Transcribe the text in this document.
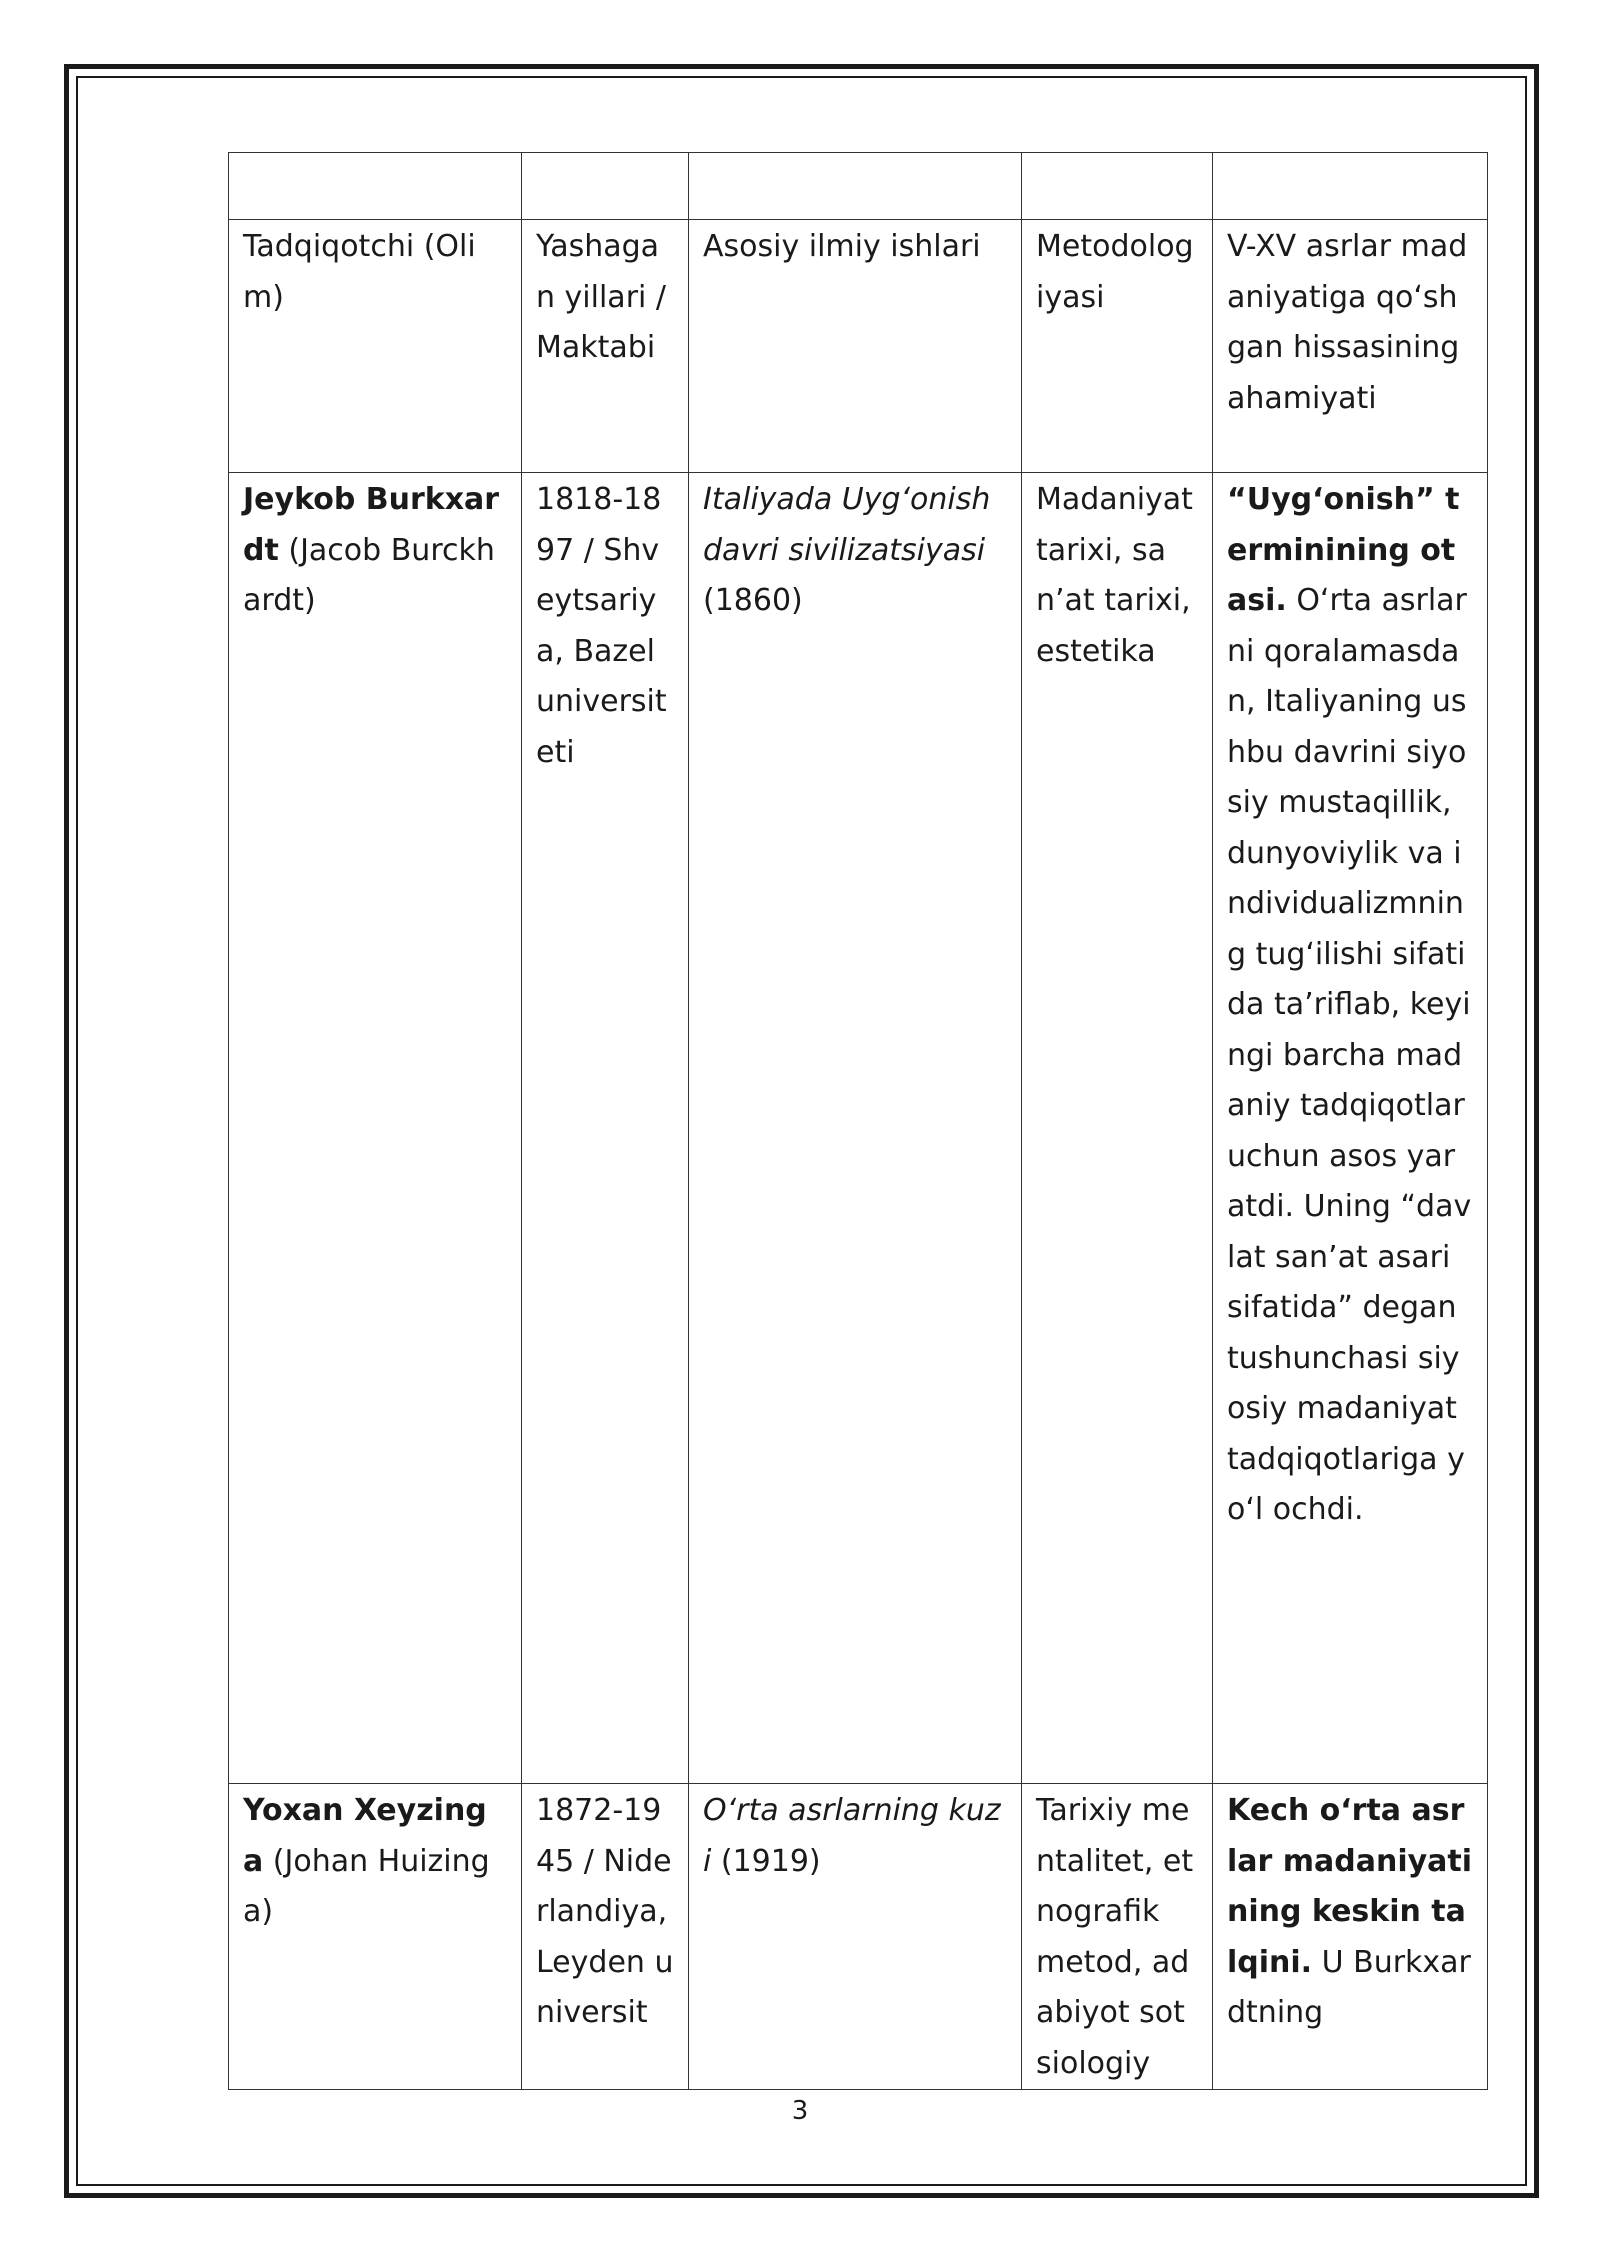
Tadqiqotchi (Olim)	Yashagan yillari / Maktabi	Asosiy ilmiy ishlari	Metodologiyasi	V-XV asrlar madaniyatiga qo‘shgan hissasining ahamiyati
Jeykob Burkxardt (Jacob Burckhardt)	1818-1897 / Shveytsariya, Bazel universiteti	Italiyada Uyg‘onish davri sivilizatsiyasi (1860)	Madaniyat tarixi, san’at tarixi, estetika	“Uyg‘onish” terminining otasi. O‘rta asrlarni qoralamasdan, Italiyaning ushbu davrini siyosiy mustaqillik, dunyoviylik va individualizmning tug‘ilishi sifatida ta’riflab, keyingi barcha madaniy tadqiqotlar uchun asos yaratdi. Uning “davlat san’at asari sifatida” degan tushunchasi siyosiy madaniyat tadqiqotlariga yo‘l ochdi.
Yoxan Xeyzinga (Johan Huizinga)	1872-1945 / Niderlandiya, Leyden universit	O‘rta asrlarning kuzi (1919)	Tarixiy mentalitet, etnografik metod, adabiyot sotsiologiy	Kech o‘rta asrlar madaniyatining keskin talqini. U Burkxardtning
3
